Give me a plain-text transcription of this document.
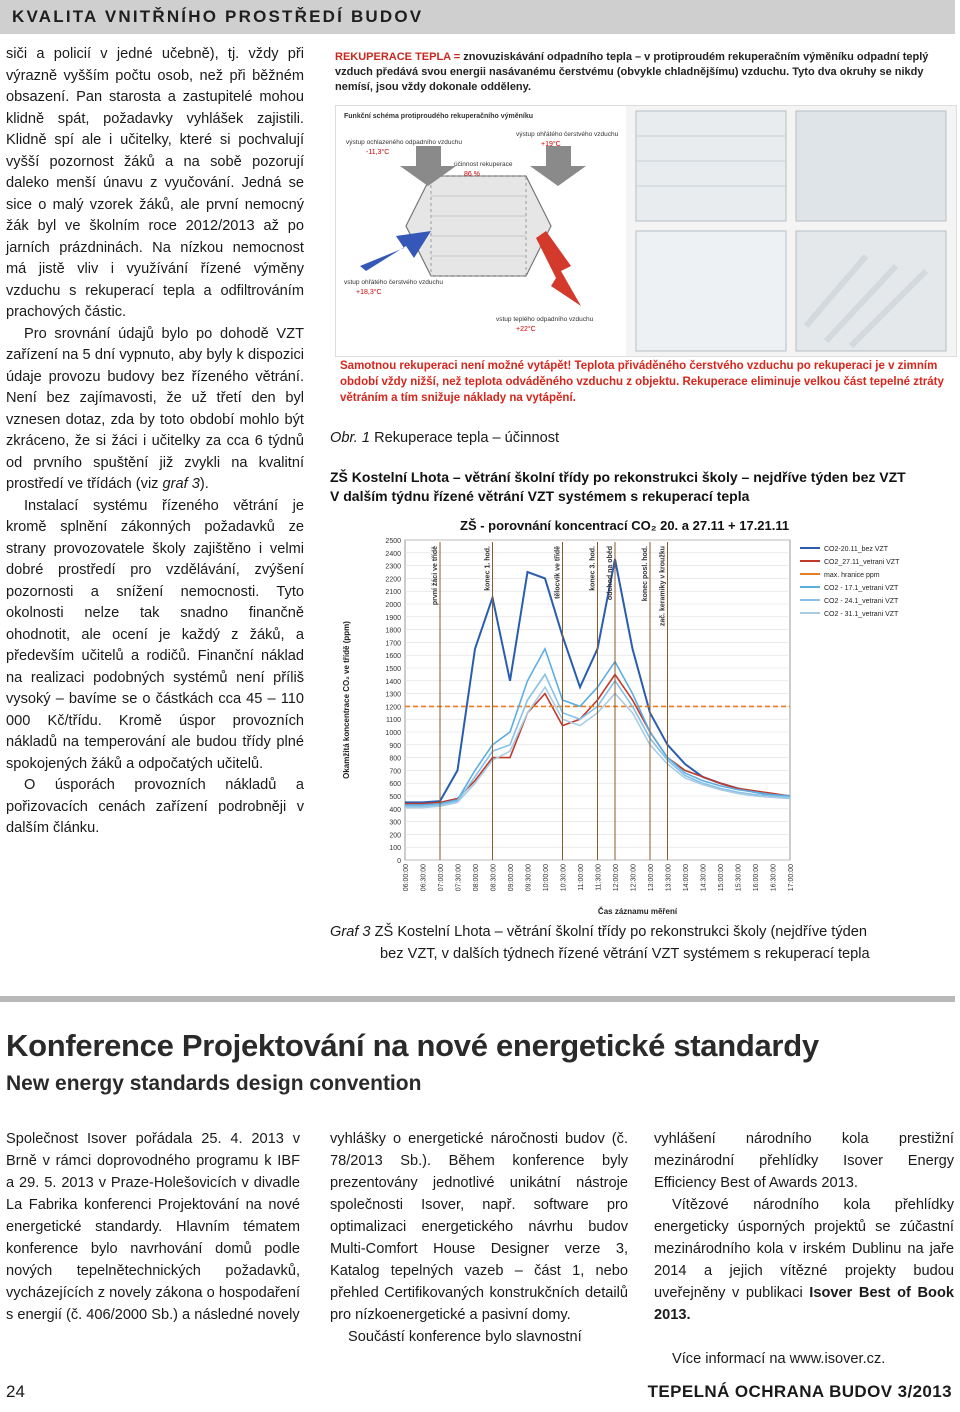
KVALITA VNITŘNÍHO PROSTŘEDÍ BUDOV

siči a policií v jedné učebně), tj. vždy při výrazně vyšším počtu osob, než při běžném obsazení. Pan starosta a zastupitelé mohou klidně spát, požadavky vyhlášek zajistili. Klidně spí ale i učitelky, které si pochvalují vyšší pozornost žáků a na sobě pozorují daleko menší únavu z vyučování. Jedná se sice o malý vzorek žáků, ale první nemocný žák byl ve školním roce 2012/2013 až po jarních prázdninách. Na nízkou nemocnost má jistě vliv i využívání řízené výměny vzduchu s rekuperací tepla a odfiltrováním prachových částic.

Pro srovnání údajů bylo po dohodě VZT zařízení na 5 dní vypnuto, aby byly k dispozici údaje provozu budovy bez řízeného větrání. Není bez zajímavosti, že už třetí den byl vznesen dotaz, zda by toto období mohlo být zkráceno, že si žáci i učitelky za cca 6 týdnů od prvního spuštění již zvykli na kvalitní prostředí ve třídách (viz graf 3).

Instalací systému řízeného větrání je kromě splnění zákonných požadavků ze strany provozovatele školy zajištěno i velmi dobré prostředí pro vzdělávání, zvýšení pozornosti a snížení nemocnosti. Tyto okolnosti nelze tak snadno finančně ohodnotit, ale ocení je každý z žáků, a především učitelů a rodičů. Finanční náklad na realizaci podobných systémů není příliš vysoký – bavíme se o částkách cca 45 – 110 000 Kč/třídu. Kromě úspor provozních nákladů na temperování ale budou třídy plné spokojených žáků a odpočatých učitelů.

O úsporách provozních nákladů a pořizovacích cenách zařízení podrobněji v dalším článku.

REKUPERACE TEPLA = znovuziskávání odpadního tepla – v protiproudém rekuperačním výměníku odpadní teplý vzduch předává svou energii nasávanému čerstvému (obvykle chladnějšímu) vzduchu. Tyto dva okruhy se nikdy nemísí, jsou vždy dokonale odděleny.
Funkční schéma protiproudého rekuperačního výměníku
výstup ochlazeného odpadního vzduchu
-11,3°C
výstup ohřátého čerstvého vzduchu
+19°C
účinnost rekuperace
86 %
vstup ohřátého čerstvého vzduchu
+18,3°C
vstup teplého odpadního vzduchu
+22°C
Samotnou rekuperaci není možné vytápět! Teplota přiváděného čerstvého vzduchu po rekuperaci je v zimním období vždy nižší, než teplota odváděného vzduchu z objektu. Rekuperace eliminuje velkou část tepelné ztráty větráním a tím snižuje náklady na vytápění.
Obr. 1 Rekuperace tepla – účinnost
ZŠ Kostelní Lhota – větrání školní třídy po rekonstrukci školy – nejdříve týden bez VZT
V dalším týdnu řízené větrání VZT systémem s rekuperací tepla
ZŠ - porovnání koncentrací CO₂ 20. a 27.11 + 17.21.11
0
100
200
300
400
500
600
700
800
900
1000
1100
1200
1300
1400
1500
1600
1700
1800
1900
2000
2100
2200
2300
2400
2500
06:00:00 06:30:00 07:00:00 07:30:00 08:00:00 08:30:00 09:00:00 09:30:00 10:00:00 10:30:00 11:00:00 11:30:00 12:00:00 12:30:00 13:00:00 13:30:00 14:00:00 14:30:00 15:00:00 15:30:00 16:00:00 16:30:00 17:00:00
Okamžitá koncentrace CO₂ ve třídě (ppm)
Čas záznamu měření
CO2-20.11_bez VZT
CO2_27.11_vetrani VZT
max. hranice ppm
CO2 - 17.1_vetrani VZT
CO2 - 24.1_vetrani VZT
CO2 - 31.1_vetrani VZT
první žáci ve třídě	konec 1. hod.	konec 3. hod. odchod na oběd	konec posl. hod.
tělocvik ve třídě	zač. keramiky v kroužku
Graf 3 ZŠ Kostelní Lhota – větrání školní třídy po rekonstrukci školy (nejdříve týden
bez VZT, v dalších týdnech řízené větrání VZT systémem s rekuperací tepla
Konference Projektování na nové energetické standardy
New energy standards design convention

Společnost Isover pořádala 25. 4. 2013 v Brně v rámci doprovodného programu k IBF a 29. 5. 2013 v Praze-Holešovicích v divadle La Fabrika konferenci Projektování na nové energetické standardy. Hlavním tématem konference bylo navrhování domů podle nových tepelnětechnických požadavků, vycházejících z novely zákona o hospodaření s energií (č. 406/2000 Sb.) a následné novely

vyhlášky o energetické náročnosti budov (č. 78/2013 Sb.). Během konference byly prezentovány jednotlivé unikátní nástroje společnosti Isover, např. software pro optimalizaci energetického návrhu budov Multi-Comfort House Designer verze 3, Katalog tepelných vazeb – část 1, nebo přehled Certifikovaných konstrukčních detailů pro nízkoenergetické a pasivní domy.

Součástí konference bylo slavnostní

vyhlášení národního kola prestižní mezinárodní přehlídky Isover Energy Efficiency Best of Awards 2013.

Vítězové národního kola přehlídky energeticky úsporných projektů se zúčastní mezinárodního kola v irském Dublinu na jaře 2014 a jejich vítězné projekty budou uveřejněny v publikaci Isover Best of Book 2013.

Více informací na www.isover.cz.

24	TEPELNÁ OCHRANA BUDOV 3/2013
